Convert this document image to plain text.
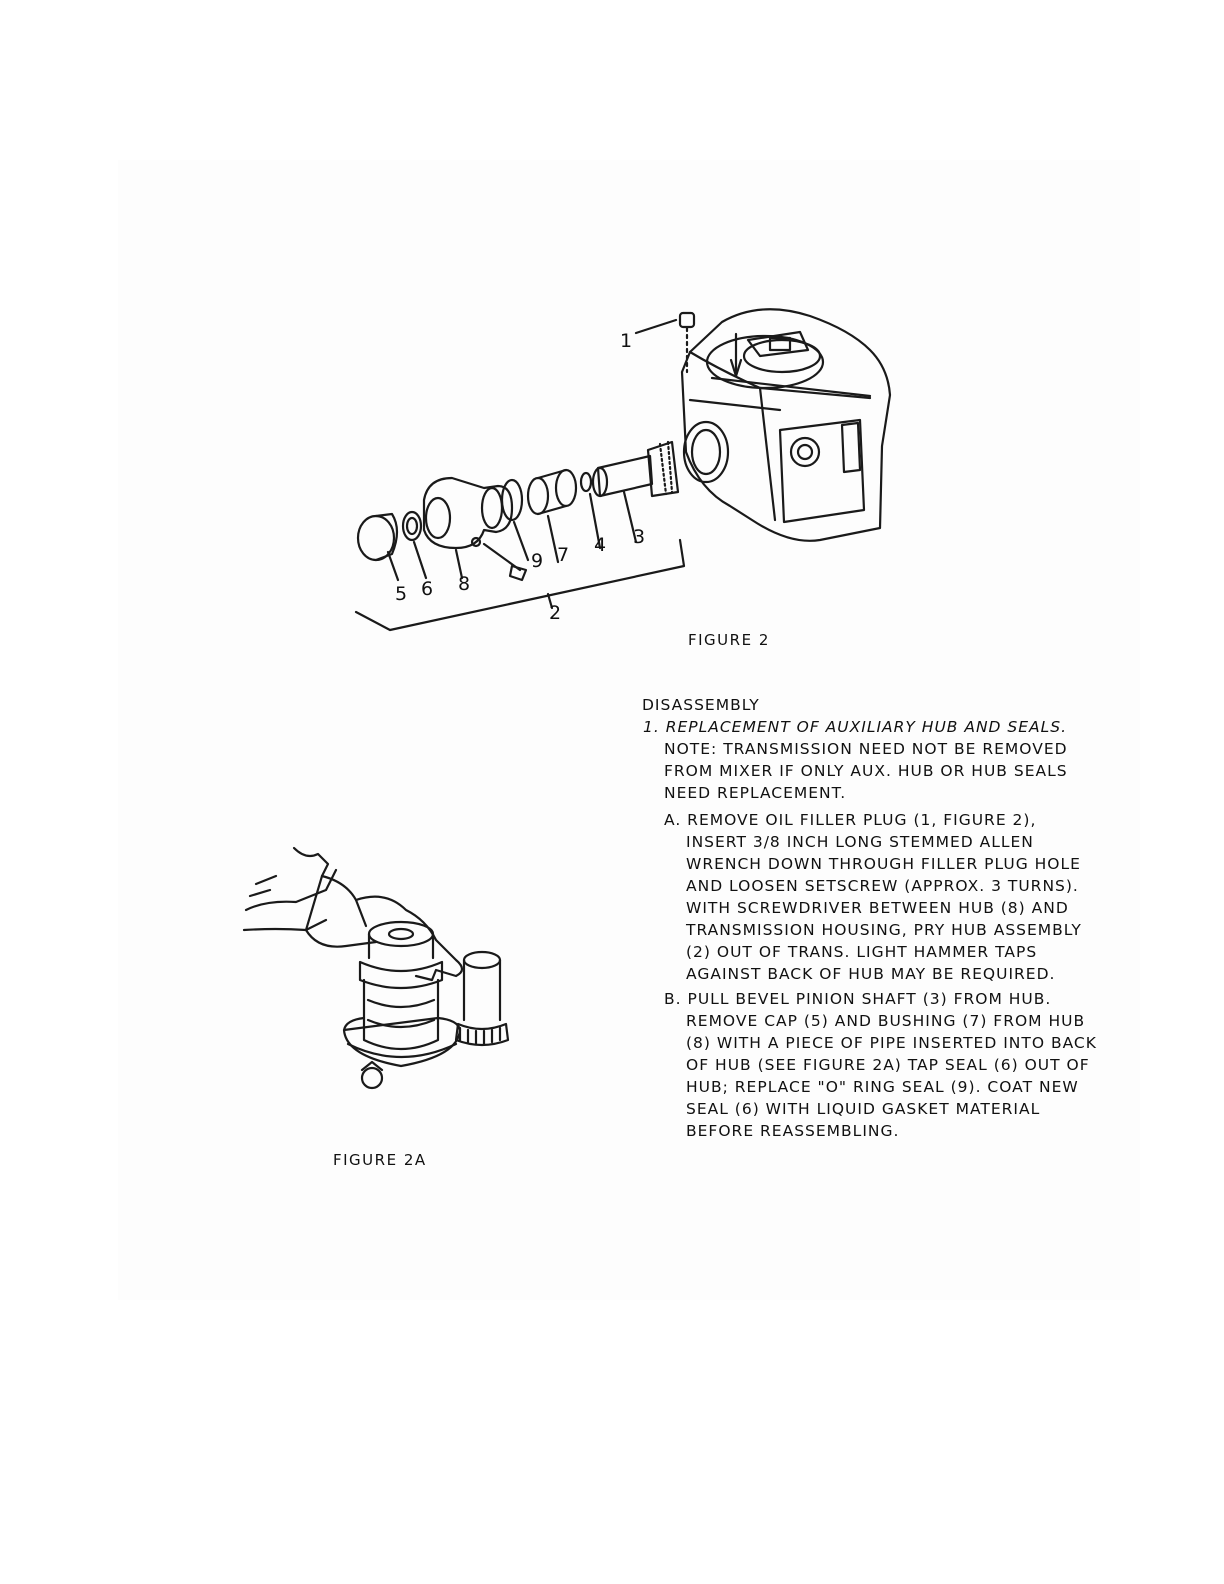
1
2
3
4
5 6
7
8
9
FIGURE 2
FIGURE 2A
DISASSEMBLY
1. REPLACEMENT OF AUXILIARY HUB AND SEALS.
NOTE: TRANSMISSION NEED NOT BE REMOVED
FROM MIXER IF ONLY AUX. HUB OR HUB SEALS
NEED REPLACEMENT.
A. REMOVE OIL FILLER PLUG (1, FIGURE 2),
INSERT 3/8 INCH LONG STEMMED ALLEN
WRENCH DOWN THROUGH FILLER PLUG HOLE
AND LOOSEN SETSCREW (APPROX. 3 TURNS).
WITH SCREWDRIVER BETWEEN HUB (8) AND
TRANSMISSION HOUSING, PRY HUB ASSEMBLY
(2) OUT OF TRANS. LIGHT HAMMER TAPS
AGAINST BACK OF HUB MAY BE REQUIRED.
B. PULL BEVEL PINION SHAFT (3) FROM HUB.
REMOVE CAP (5) AND BUSHING (7) FROM HUB
(8) WITH A PIECE OF PIPE INSERTED INTO BACK
OF HUB (SEE FIGURE 2A) TAP SEAL (6) OUT OF
HUB; REPLACE "O" RING SEAL (9). COAT NEW
SEAL (6) WITH LIQUID GASKET MATERIAL
BEFORE REASSEMBLING.
